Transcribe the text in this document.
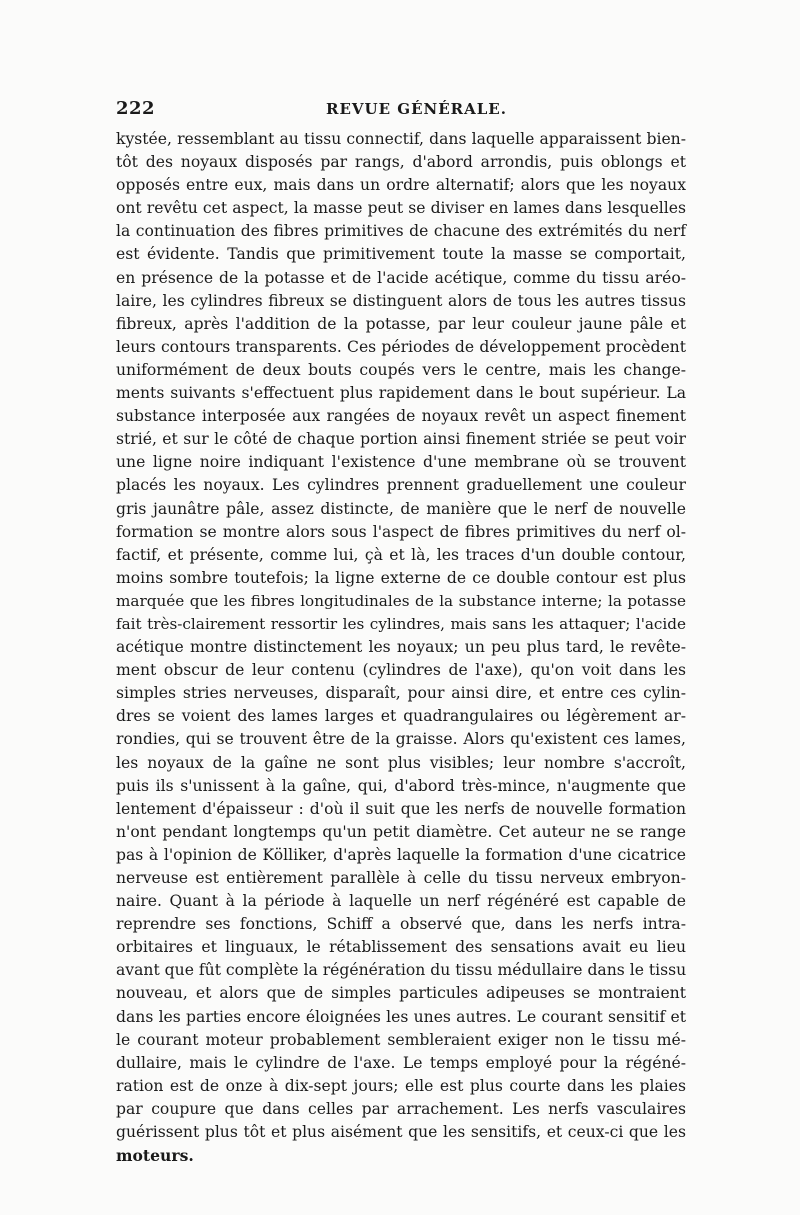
222	REVUE GÉNÉRALE.
kystée, ressemblant au tissu connectif, dans laquelle apparaissent bien-
tôt des noyaux disposés par rangs, d'abord arrondis, puis oblongs et
opposés entre eux, mais dans un ordre alternatif; alors que les noyaux
ont revêtu cet aspect, la masse peut se diviser en lames dans lesquelles
la continuation des fibres primitives de chacune des extrémités du nerf
est évidente. Tandis que primitivement toute la masse se comportait,
en présence de la potasse et de l'acide acétique, comme du tissu aréo-
laire, les cylindres fibreux se distinguent alors de tous les autres tissus
fibreux, après l'addition de la potasse, par leur couleur jaune pâle et
leurs contours transparents. Ces périodes de développement procèdent
uniformément de deux bouts coupés vers le centre, mais les change-
ments suivants s'effectuent plus rapidement dans le bout supérieur. La
substance interposée aux rangées de noyaux revêt un aspect finement
strié, et sur le côté de chaque portion ainsi finement striée se peut voir
une ligne noire indiquant l'existence d'une membrane où se trouvent
placés les noyaux. Les cylindres prennent graduellement une couleur
gris jaunâtre pâle, assez distincte, de manière que le nerf de nouvelle
formation se montre alors sous l'aspect de fibres primitives du nerf ol-
factif, et présente, comme lui, çà et là, les traces d'un double contour,
moins sombre toutefois; la ligne externe de ce double contour est plus
marquée que les fibres longitudinales de la substance interne; la potasse
fait très-clairement ressortir les cylindres, mais sans les attaquer; l'acide
acétique montre distinctement les noyaux; un peu plus tard, le revête-
ment obscur de leur contenu (cylindres de l'axe), qu'on voit dans les
simples stries nerveuses, disparaît, pour ainsi dire, et entre ces cylin-
dres se voient des lames larges et quadrangulaires ou légèrement ar-
rondies, qui se trouvent être de la graisse. Alors qu'existent ces lames,
les noyaux de la gaîne ne sont plus visibles; leur nombre s'accroît,
puis ils s'unissent à la gaîne, qui, d'abord très-mince, n'augmente que
lentement d'épaisseur : d'où il suit que les nerfs de nouvelle formation
n'ont pendant longtemps qu'un petit diamètre. Cet auteur ne se range
pas à l'opinion de Kölliker, d'après laquelle la formation d'une cicatrice
nerveuse est entièrement parallèle à celle du tissu nerveux embryon-
naire. Quant à la période à laquelle un nerf régénéré est capable de
reprendre ses fonctions, Schiff a observé que, dans les nerfs intra-
orbitaires et linguaux, le rétablissement des sensations avait eu lieu
avant que fût complète la régénération du tissu médullaire dans le tissu
nouveau, et alors que de simples particules adipeuses se montraient
dans les parties encore éloignées les unes autres. Le courant sensitif et
le courant moteur probablement sembleraient exiger non le tissu mé-
dullaire, mais le cylindre de l'axe. Le temps employé pour la régéné-
ration est de onze à dix-sept jours; elle est plus courte dans les plaies
par coupure que dans celles par arrachement. Les nerfs vasculaires
guérissent plus tôt et plus aisément que les sensitifs, et ceux-ci que les
moteurs.
